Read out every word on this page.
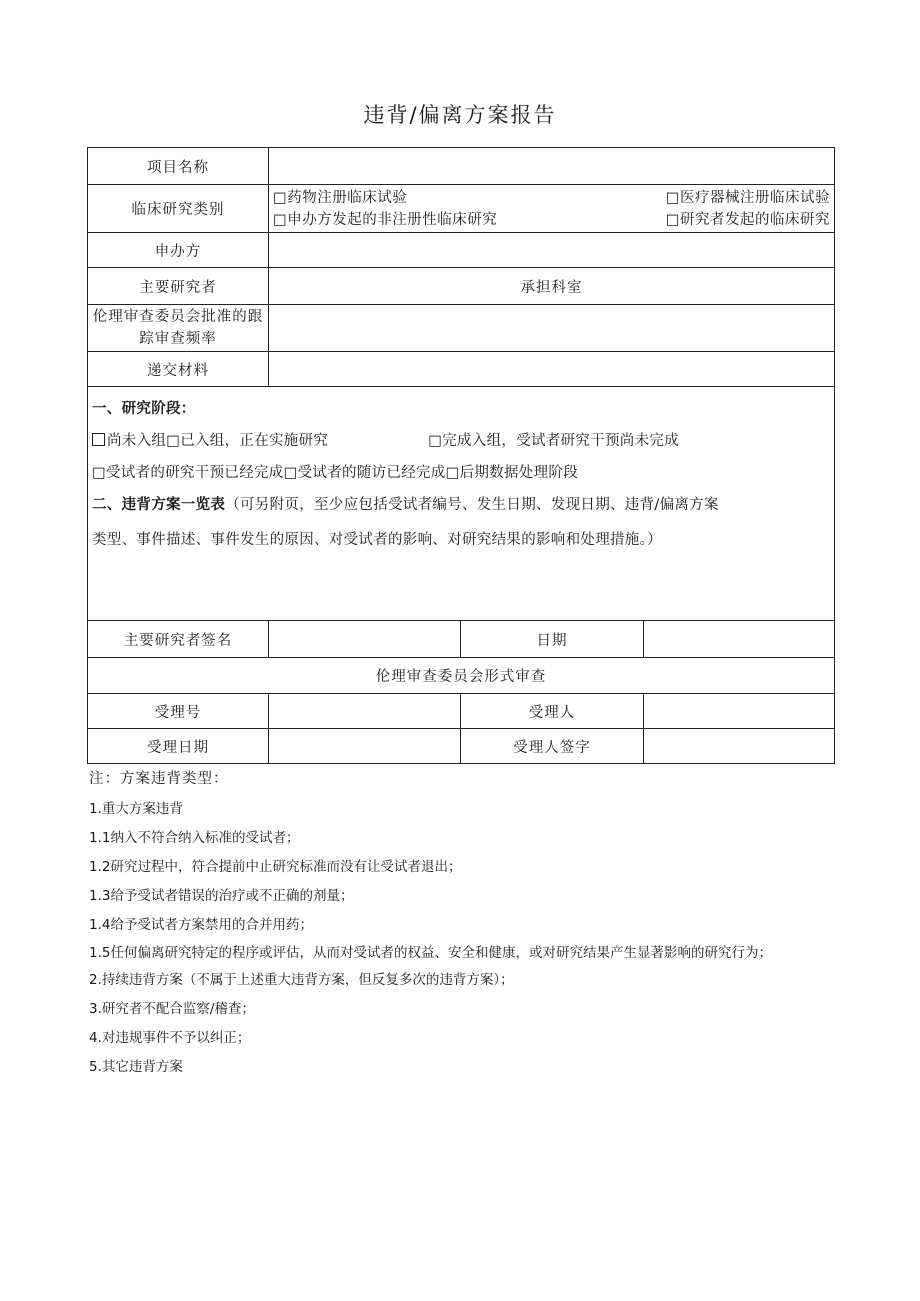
违背/偏离方案报告
项目名称			
临床研究类别	□药物注册临床试验 □医疗器械注册临床试验
□申办方发起的非注册性临床研究 □研究者发起的临床研究		

申办方			
主要研究者	承担科室		
伦理审查委员会批准的跟踪审查频率			
递交材料			

一、研究阶段：
尚未入组□已入组，正在实施研究 □完成入组，受试者研究干预尚未完成
□受试者的研究干预已经完成□受试者的随访已经完成□后期数据处理阶段
二、违背方案一览表（可另附页，至少应包括受试者编号、发生日期、发现日期、违背/偏离方案
类型、事件描述、事件发生的原因、对受试者的影响、对研究结果的影响和处理措施。）			

主要研究者签名		日期	
伦理审查委员会形式审查			
受理号		受理人	
受理日期		受理人签字	
注：方案违背类型：

1.重大方案违背

1.1纳入不符合纳入标准的受试者；

1.2研究过程中，符合提前中止研究标准而没有让受试者退出；

1.3给予受试者错误的治疗或不正确的剂量；

1.4给予受试者方案禁用的合并用药；

1.5任何偏离研究特定的程序或评估，从而对受试者的权益、安全和健康，或对研究结果产生显著影响的研究行为；

2.持续违背方案（不属于上述重大违背方案，但反复多次的违背方案）；

3.研究者不配合监察/稽查；

4.对违规事件不予以纠正；

5.其它违背方案
